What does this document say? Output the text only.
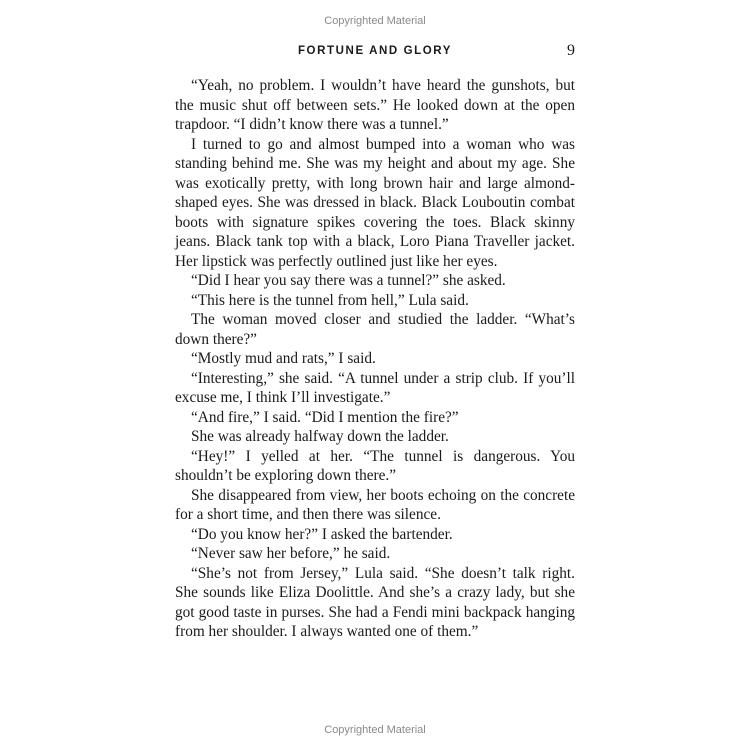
Copyrighted Material
FORTUNE AND GLORY	9

“Yeah, no problem. I wouldn’t have heard the gunshots, but the music shut off between sets.” He looked down at the open trapdoor. “I didn’t know there was a tunnel.”

I turned to go and almost bumped into a woman who was standing behind me. She was my height and about my age. She was exotically pretty, with long brown hair and large almond-shaped eyes. She was dressed in black. Black Louboutin combat boots with signature spikes covering the toes. Black skinny jeans. Black tank top with a black, Loro Piana Traveller jacket. Her lipstick was perfectly outlined just like her eyes.

“Did I hear you say there was a tunnel?” she asked.

“This here is the tunnel from hell,” Lula said.

The woman moved closer and studied the ladder. “What’s down there?”

“Mostly mud and rats,” I said.

“Interesting,” she said. “A tunnel under a strip club. If you’ll excuse me, I think I’ll investigate.”

“And fire,” I said. “Did I mention the fire?”

She was already halfway down the ladder.

“Hey!” I yelled at her. “The tunnel is dangerous. You shouldn’t be exploring down there.”

She disappeared from view, her boots echoing on the concrete for a short time, and then there was silence.

“Do you know her?” I asked the bartender.

“Never saw her before,” he said.

“She’s not from Jersey,” Lula said. “She doesn’t talk right. She sounds like Eliza Doolittle. And she’s a crazy lady, but she got good taste in purses. She had a Fendi mini backpack hanging from her shoulder. I always wanted one of them.”

Copyrighted Material
